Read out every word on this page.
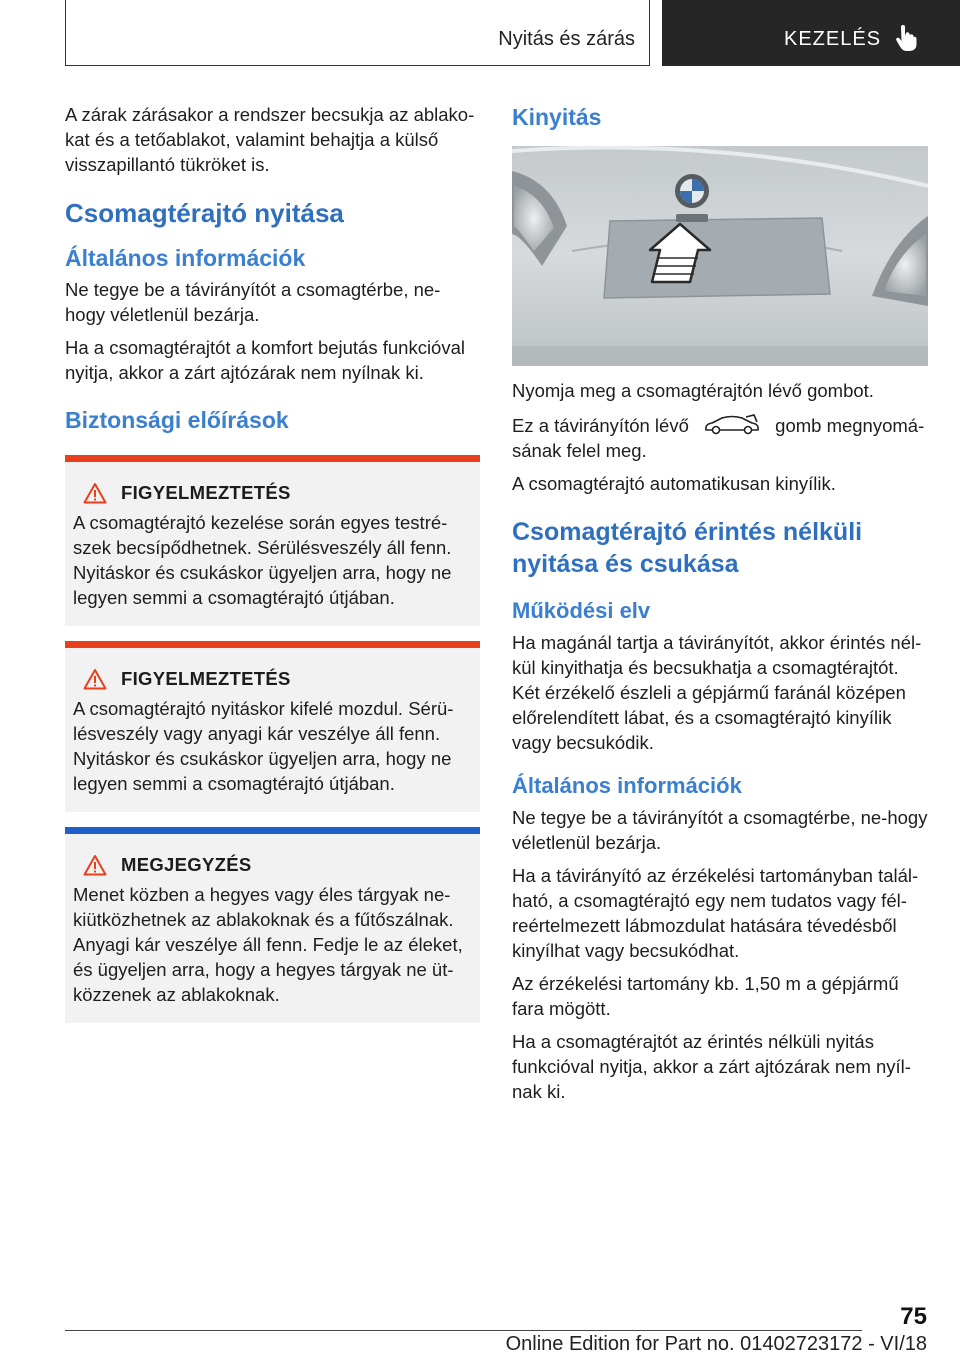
Nyitás és zárás	KEZELÉS

A zárak zárásakor a rendszer becsukja az ablako-kat és a tetőablakot, valamint behajtja a külső visszapillantó tükröket is.

Csomagtérajtó nyitása
Általános információk

Ne tegye be a távirányítót a csomagtérbe, ne-hogy véletlenül bezárja.

Ha a csomagtérajtót a komfort bejutás funkcióval nyitja, akkor a zárt ajtózárak nem nyílnak ki.

Biztonsági előírások
FIGYELMEZTETÉS

A csomagtérajtó kezelése során egyes testré-szek becsípődhetnek. Sérülésveszély áll fenn. Nyitáskor és csukáskor ügyeljen arra, hogy ne legyen semmi a csomagtérajtó útjában.

FIGYELMEZTETÉS

A csomagtérajtó nyitáskor kifelé mozdul. Sérü-lésveszély vagy anyagi kár veszélye áll fenn. Nyitáskor és csukáskor ügyeljen arra, hogy ne legyen semmi a csomagtérajtó útjában.

MEGJEGYZÉS

Menet közben a hegyes vagy éles tárgyak ne-kiütközhetnek az ablakoknak és a fűtőszálnak. Anyagi kár veszélye áll fenn. Fedje le az éleket, és ügyeljen arra, hogy a hegyes tárgyak ne üt-közzenek az ablakoknak.

Kinyitás

Nyomja meg a csomagtérajtón lévő gombot.

Ez a távirányítón lévő	gomb megnyomá-sának felel meg.

A csomagtérajtó automatikusan kinyílik.

Csomagtérajtó érintés nélküli nyitása és csukása
Működési elv

Ha magánál tartja a távirányítót, akkor érintés nél-kül kinyithatja és becsukhatja a csomagtérajtót. Két érzékelő észleli a gépjármű faránál középen előrelendített lábat, és a csomagtérajtó kinyílik vagy becsukódik.

Általános információk

Ne tegye be a távirányítót a csomagtérbe, ne-hogy véletlenül bezárja.

Ha a távirányító az érzékelési tartományban talál-ható, a csomagtérajtó egy nem tudatos vagy fél-reértelmezett lábmozdulat hatására tévedésből kinyílhat vagy becsukódhat.

Az érzékelési tartomány kb. 1,50 m a gépjármű fara mögött.

Ha a csomagtérajtót az érintés nélküli nyitás funkcióval nyitja, akkor a zárt ajtózárak nem nyíl-nak ki.

75
Online Edition for Part no. 01402723172 - VI/18
